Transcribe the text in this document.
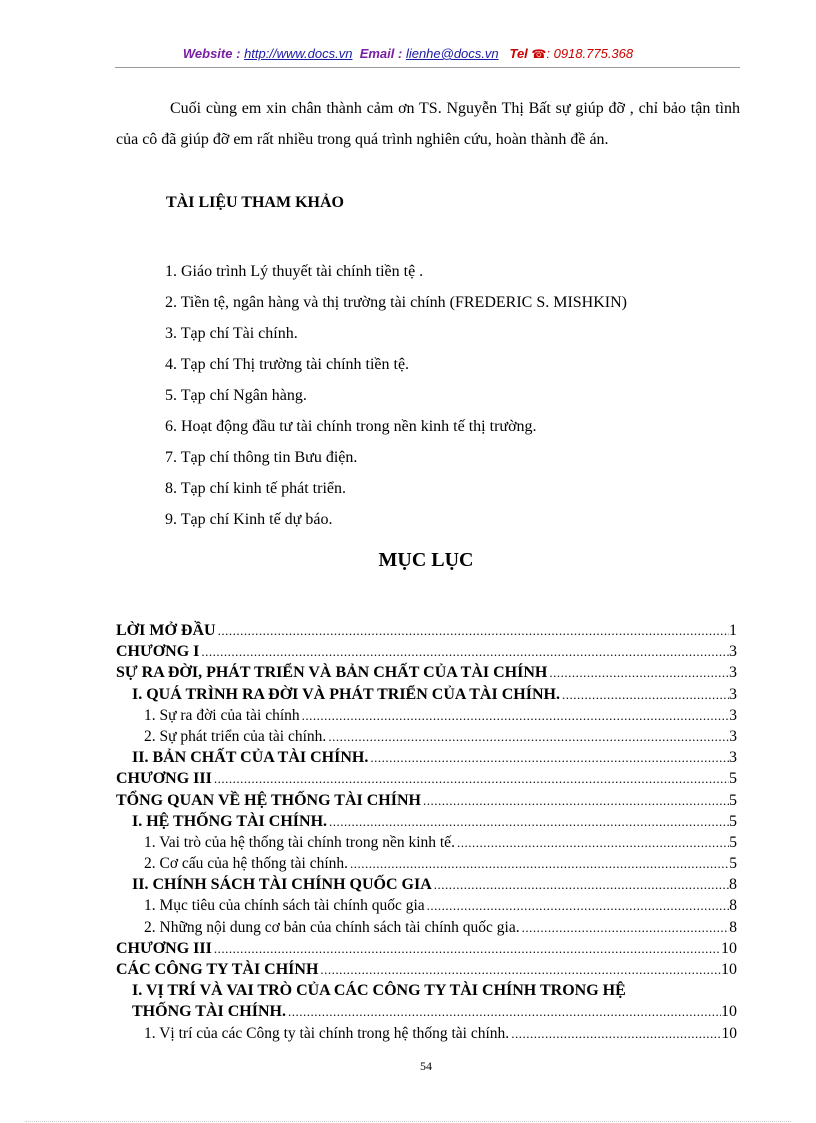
Website : http://www.docs.vn Email : lienhe@docs.vn Tel ☎: 0918.775.368

Cuối cùng em xin chân thành cảm ơn TS. Nguyễn Thị Bất sự giúp đỡ , chỉ bảo tận tình của cô đã giúp đỡ em rất nhiều trong quá trình nghiên cứu, hoàn thành đề án.

TÀI LIỆU THAM KHẢO

1. Giáo trình Lý thuyết tài chính tiền tệ .
2. Tiền tệ, ngân hàng và thị trường tài chính (FREDERIC S. MISHKIN)
3. Tạp chí Tài chính.
4. Tạp chí Thị trường tài chính tiền tệ.
5. Tạp chí Ngân hàng.
6. Hoạt động đầu tư tài chính trong nền kinh tế thị trường.
7. Tạp chí thông tin Bưu điện.
8. Tạp chí kinh tế phát triển.
9. Tạp chí Kinh tế dự báo.

MỤC LỤC

LỜI MỞ ĐẦU .....	1
CHƯƠNG I .....	3
SỰ RA ĐỜI, PHÁT TRIỂN VÀ BẢN CHẤT CỦA TÀI CHÍNH .....	3
I. QUÁ TRÌNH RA ĐỜI VÀ PHÁT TRIỂN CỦA TÀI CHÍNH. .....	3
1. Sự ra đời của tài chính .....	3
2. Sự phát triển của tài chính. .....	3
II. BẢN CHẤT CỦA TÀI CHÍNH. .....	3
CHƯƠNG III .....	5
TỔNG QUAN VỀ HỆ THỐNG TÀI CHÍNH .....	5
I. HỆ THỐNG TÀI CHÍNH. .....	5
1. Vai trò của hệ thống tài chính trong nền kinh tế. .....	5
2. Cơ cấu của hệ thống tài chính. .....	5
II. CHÍNH SÁCH TÀI CHÍNH QUỐC GIA .....	8
1. Mục tiêu của chính sách tài chính quốc gia .....	8
2. Những nội dung cơ bản của chính sách tài chính quốc gia. .....	8
CHƯƠNG III .....	10
CÁC CÔNG TY TÀI CHÍNH .....	10
I. VỊ TRÍ VÀ VAI TRÒ CỦA CÁC CÔNG TY TÀI CHÍNH TRONG HỆ
THỐNG TÀI CHÍNH. .....	10
1. Vị trí của các Công ty tài chính trong hệ thống tài chính. .....	10

54
